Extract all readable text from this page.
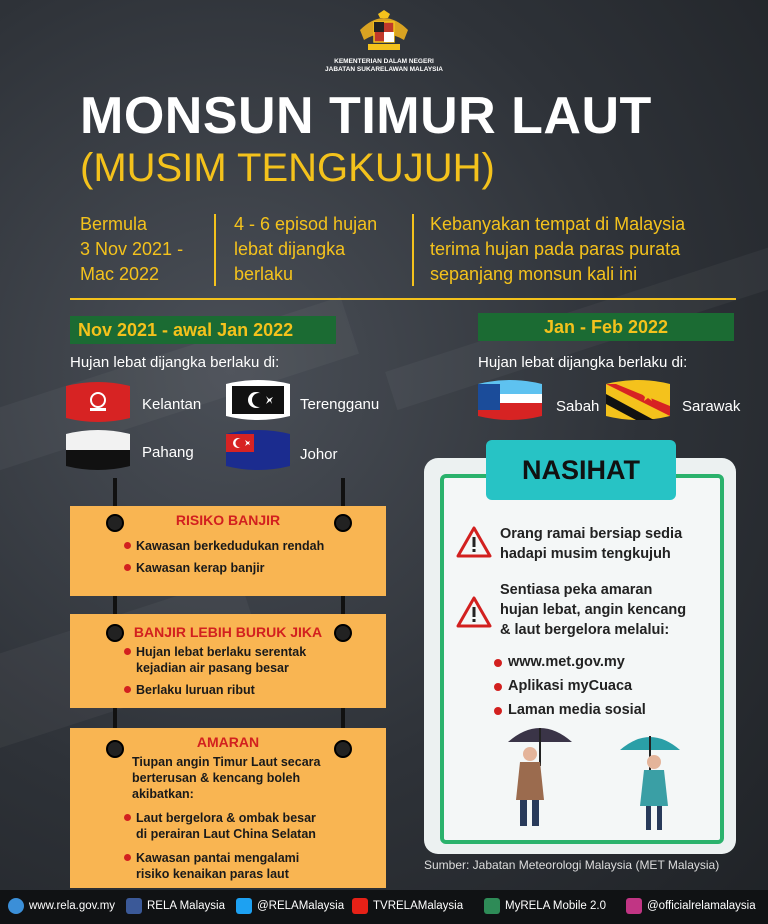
KEMENTERIAN DALAM NEGERI
JABATAN SUKARELAWAN MALAYSIA
MONSUN TIMUR LAUT
(MUSIM TENGKUJUH)
Bermula
3 Nov 2021 -
Mac 2022
4 - 6 episod hujan
lebat dijangka
berlaku
Kebanyakan tempat di Malaysia
terima hujan pada paras purata
sepanjang monsun kali ini
Nov 2021 - awal Jan 2022
Hujan lebat dijangka berlaku di:
Kelantan	Terengganu
Pahang	Johor
Jan - Feb 2022
Hujan lebat dijangka berlaku di:
Sabah	Sarawak
RISIKO BANJIR
Kawasan berkedudukan rendah
Kawasan kerap banjir
BANJIR LEBIH BURUK JIKA
Hujan lebat berlaku serentak
kejadian air pasang besar
Berlaku luruan ribut
AMARAN
Tiupan angin Timur Laut secara
berterusan & kencang boleh
akibatkan:
Laut bergelora & ombak besar
di perairan Laut China Selatan
Kawasan pantai mengalami
risiko kenaikan paras laut
NASIHAT
Orang ramai bersiap sedia
hadapi musim tengkujuh
Sentiasa peka amaran
hujan lebat, angin kencang
& laut bergelora melalui:
www.met.gov.my
Aplikasi myCuaca
Laman media sosial
Sumber: Jabatan Meteorologi Malaysia (MET Malaysia)
www.rela.gov.my	RELA Malaysia	@RELAMalaysia	TVRELAMalaysia	MyRELA Mobile 2.0	@officialrelamalaysia
